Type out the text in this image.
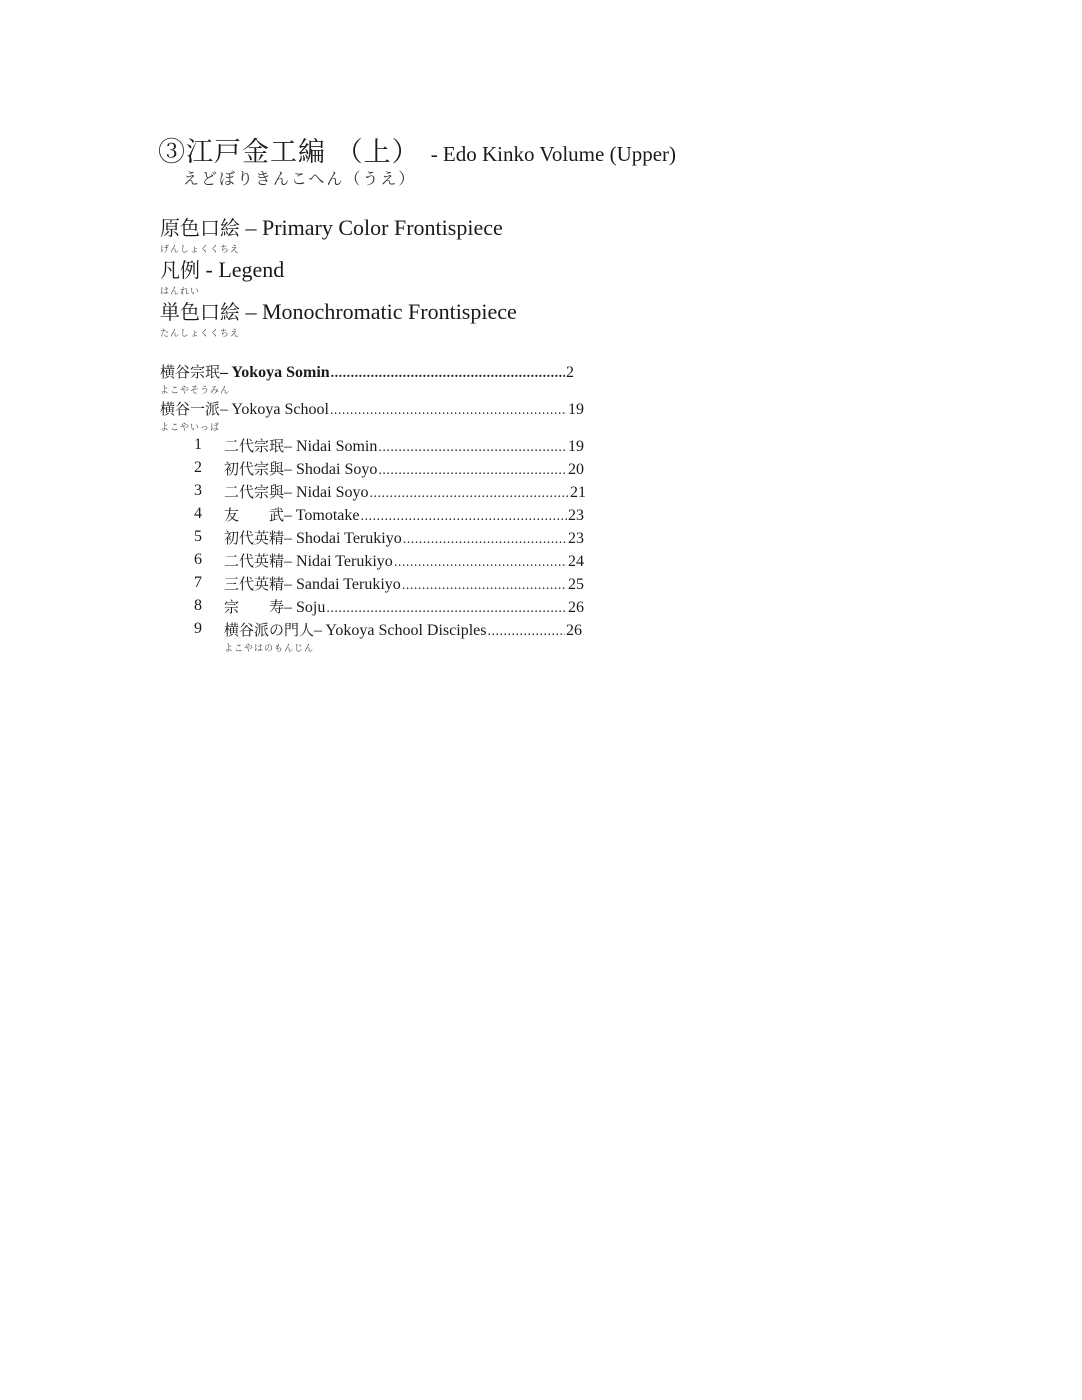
③江戸金工編 （上） - Edo Kinko Volume (Upper)
えどぼりきんこへん（うえ）
原色口絵 – Primary Color Frontispiece
げんしょくくちえ
凡例 - Legend
はんれい
単色口絵 – Monochromatic Frontispiece
たんしょくくちえ
横谷宗珉 – Yokoya Somin .....	2
よこやそうみん
横谷一派 – Yokoya School .....	19
よこやいっぱ
1 二代宗珉 – Nidai Somin .....	19
2 初代宗與 – Shodai Soyo .....	20
3 二代宗與 – Nidai Soyo .....	21
4 友　　武 – Tomotake .....	23
5 初代英精 – Shodai Terukiyo .....	23
6 二代英精 – Nidai Terukiyo .....	24
7 三代英精 – Sandai Terukiyo .....	25
8 宗　　寿 – Soju .....	26
9 横谷派の門人 – Yokoya School Disciples .....	26
よこやはのもんじん
